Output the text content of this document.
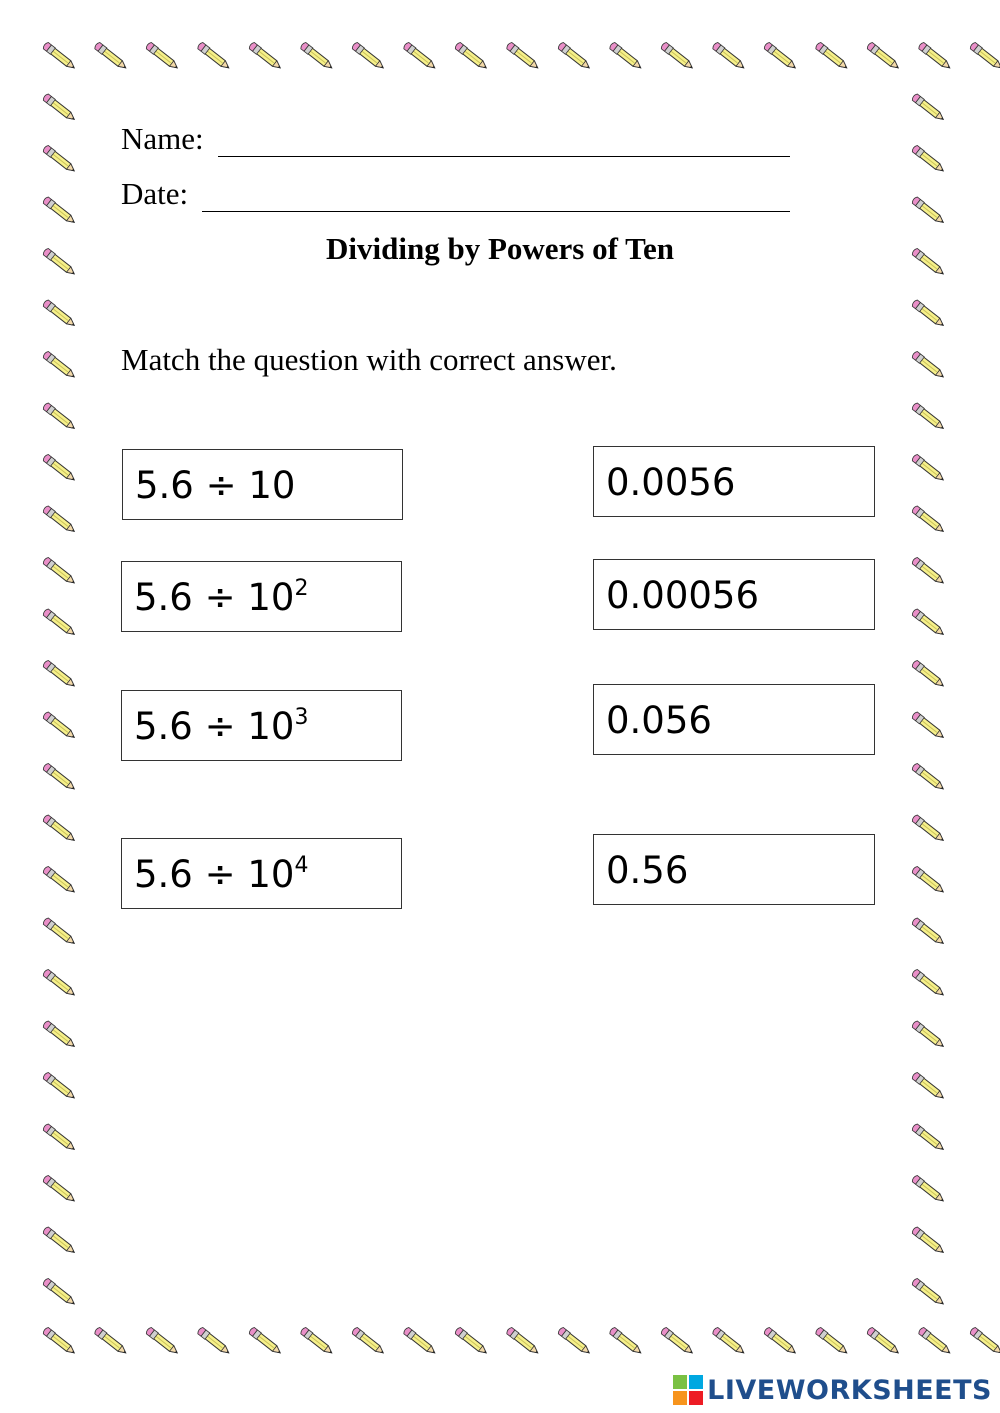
Name:
Date:
Dividing by Powers of Ten
Match the question with correct answer.
5.6 ÷ 10
$5.6 \div 10^2$
$5.6 \div 10^3$
$5.6 \div 10^4$
0.0056
0.00056
0.056
0.56
LIVEWORKSHEETS
